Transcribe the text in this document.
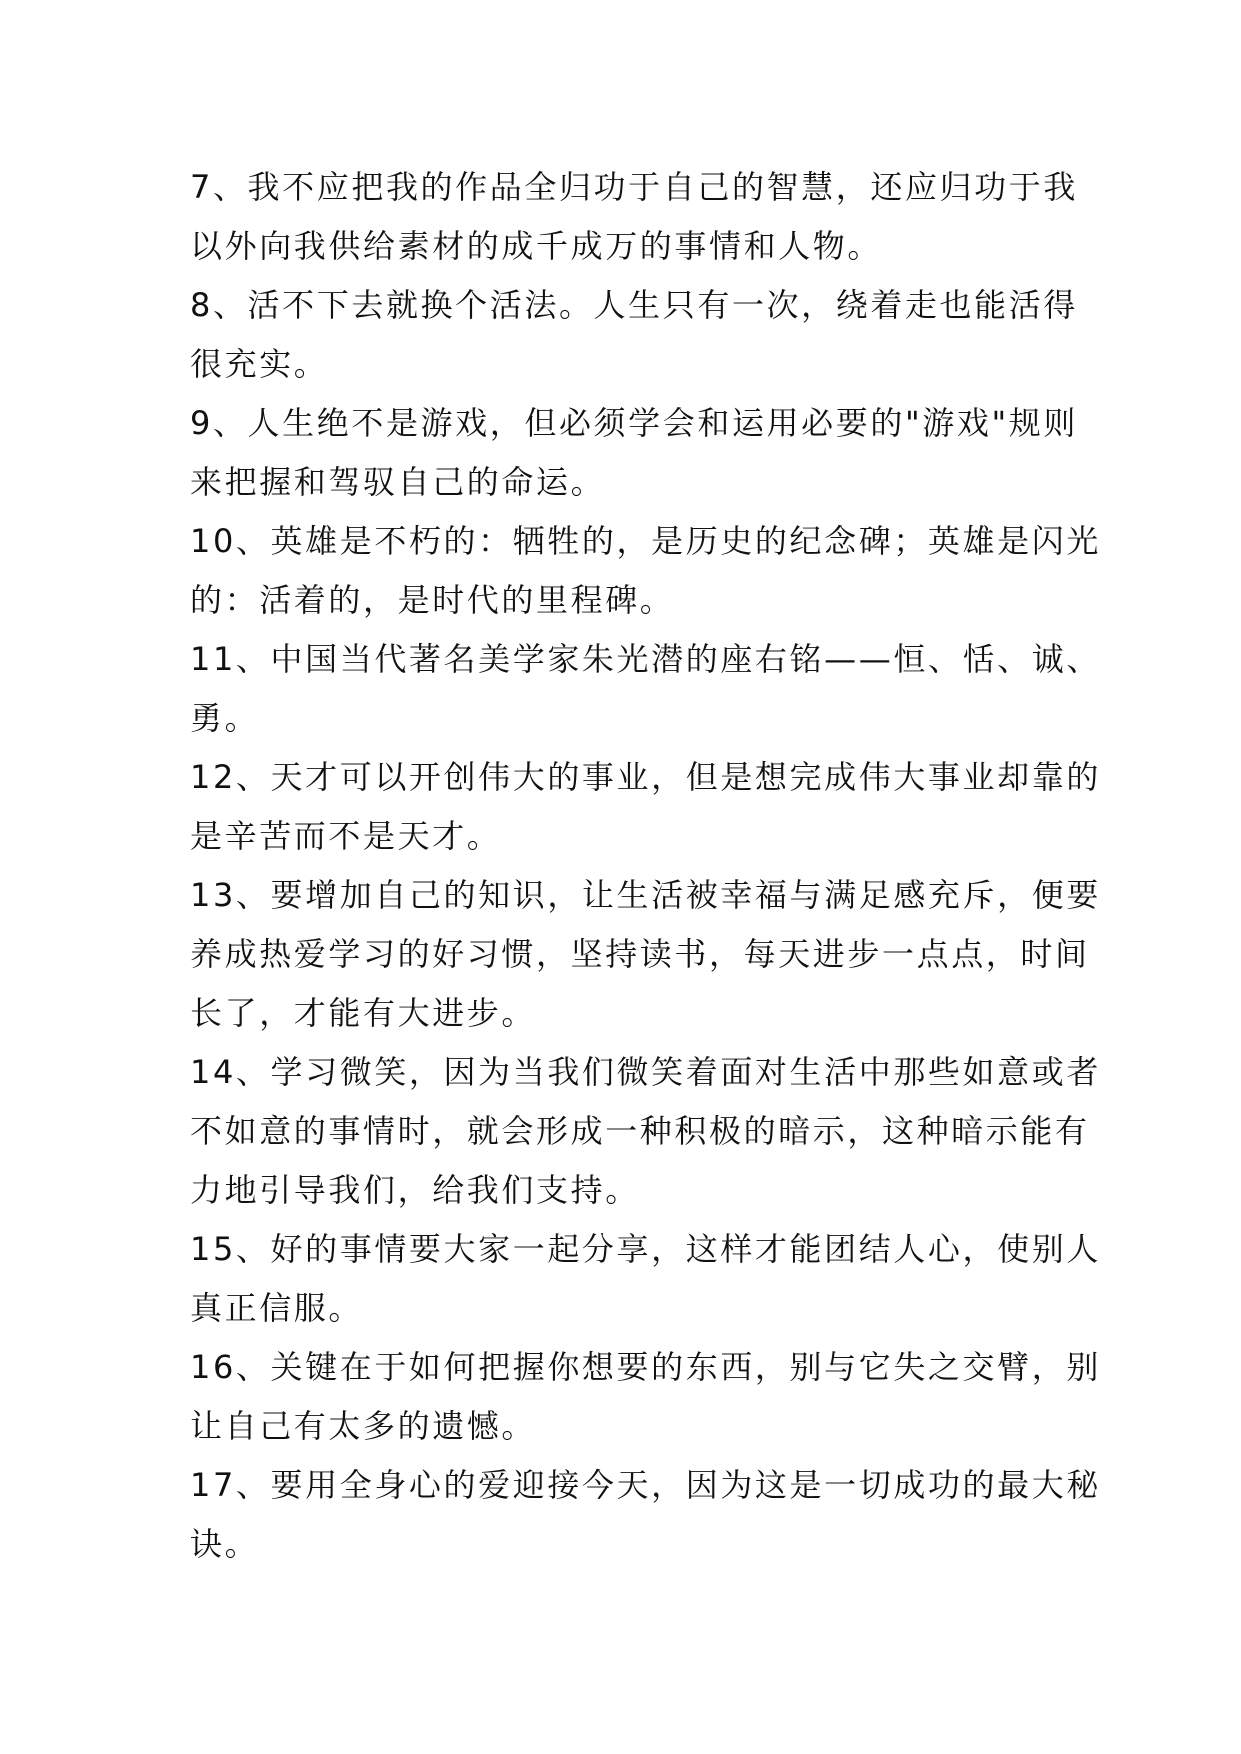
7、我不应把我的作品全归功于自己的智慧，还应归功于我
以外向我供给素材的成千成万的事情和人物。
8、活不下去就换个活法。人生只有一次，绕着走也能活得
很充实。
9、人生绝不是游戏，但必须学会和运用必要的"游戏"规则
来把握和驾驭自己的命运。
10、英雄是不朽的：牺牲的，是历史的纪念碑；英雄是闪光
的：活着的，是时代的里程碑。
11、中国当代著名美学家朱光潜的座右铭——恒、恬、诚、
勇。
12、天才可以开创伟大的事业，但是想完成伟大事业却靠的
是辛苦而不是天才。
13、要增加自己的知识，让生活被幸福与满足感充斥，便要
养成热爱学习的好习惯，坚持读书，每天进步一点点，时间
长了，才能有大进步。
14、学习微笑，因为当我们微笑着面对生活中那些如意或者
不如意的事情时，就会形成一种积极的暗示，这种暗示能有
力地引导我们，给我们支持。
15、好的事情要大家一起分享，这样才能团结人心，使别人
真正信服。
16、关键在于如何把握你想要的东西，别与它失之交臂，别
让自己有太多的遗憾。
17、要用全身心的爱迎接今天，因为这是一切成功的最大秘
诀。
